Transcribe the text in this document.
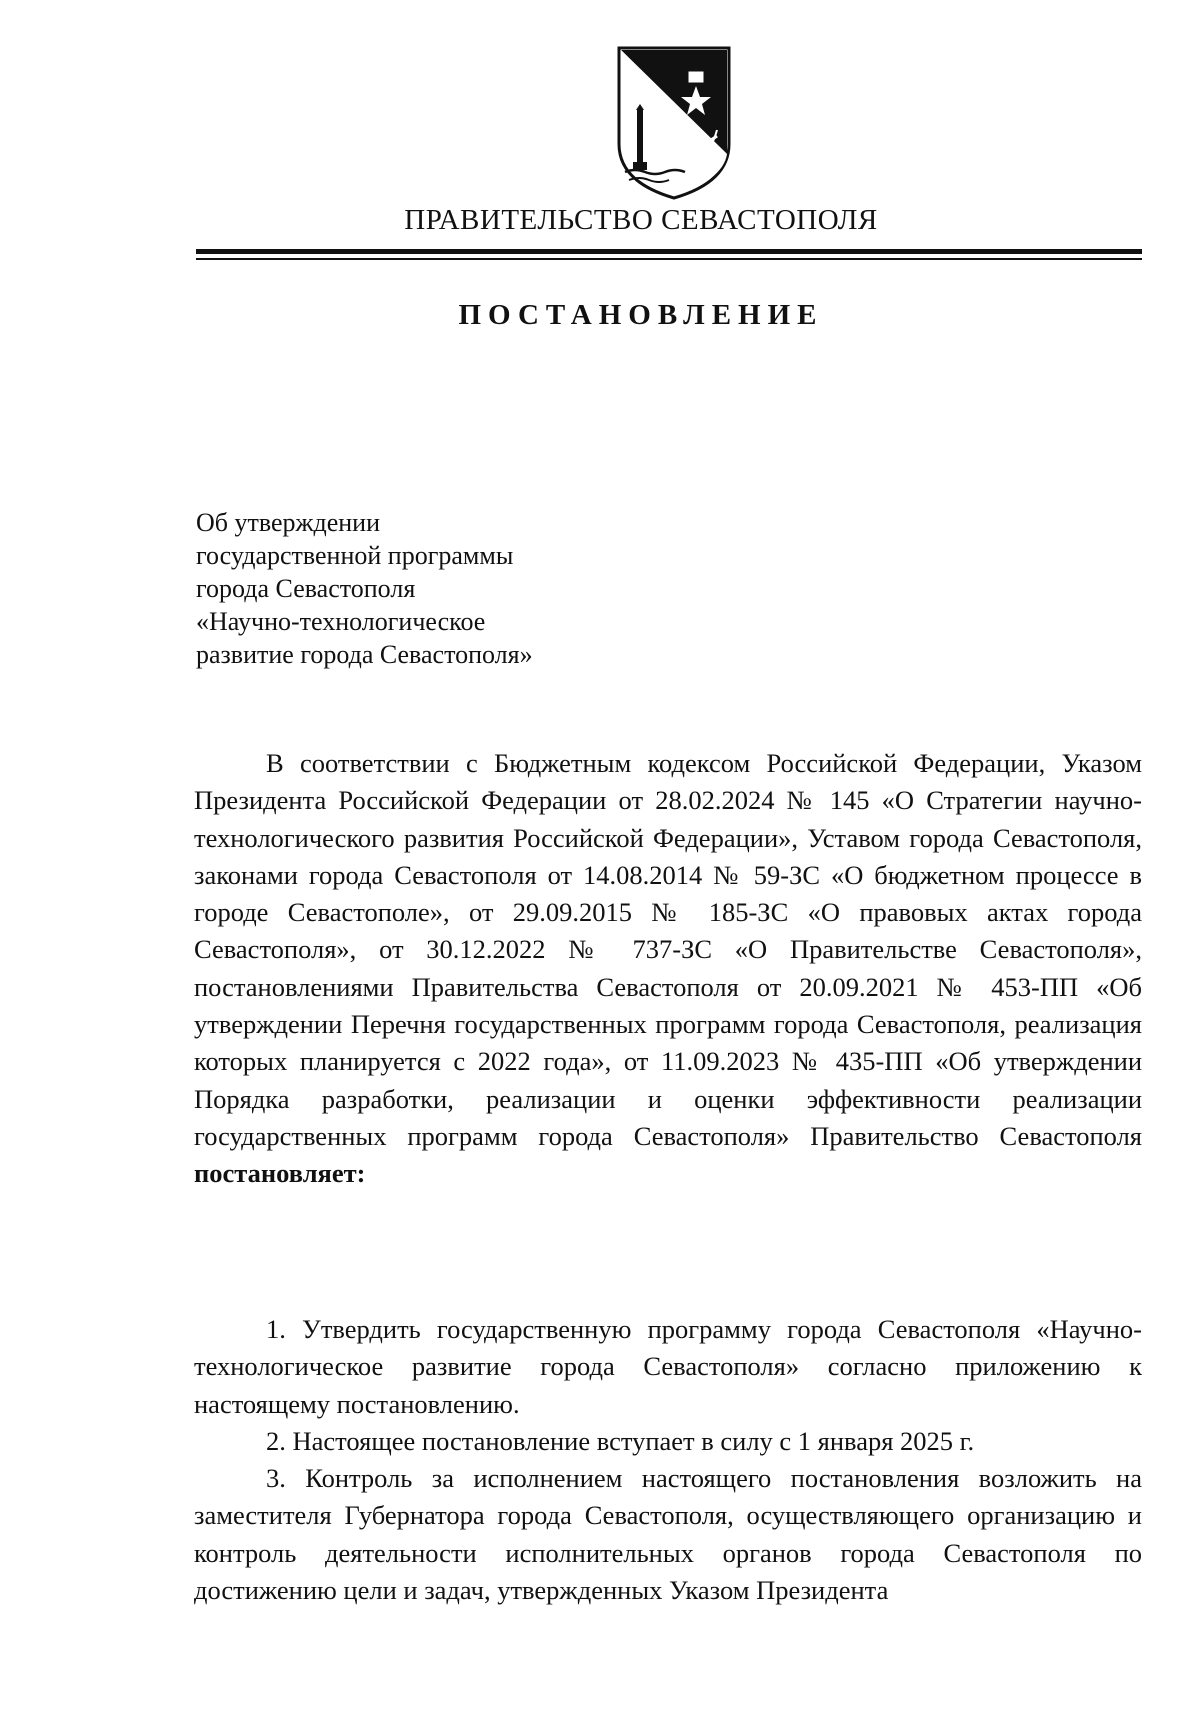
ПРАВИТЕЛЬСТВО СЕВАСТОПОЛЯ
ПОСТАНОВЛЕНИЕ
Об утверждении
государственной программы
города Севастополя
«Научно-технологическое
развитие города Севастополя»

В соответствии с Бюджетным кодексом Российской Федерации, Указом Президента Российской Федерации от 28.02.2024 № 145 «О Стратегии научно-технологического развития Российской Федерации», Уставом города Севастополя, законами города Севастополя от 14.08.2014 № 59-ЗС «О бюджетном процессе в городе Севастополе», от 29.09.2015 № 185-ЗС «О правовых актах города Севастополя», от 30.12.2022 № 737-ЗС «О Правительстве Севастополя», постановлениями Правительства Севастополя от 20.09.2021 № 453-ПП «Об утверждении Перечня государственных программ города Севастополя, реализация которых планируется с 2022 года», от 11.09.2023 № 435-ПП «Об утверждении Порядка разработки, реализации и оценки эффективности реализации государственных программ города Севастополя» Правительство Севастополя постановляет:

1. Утвердить государственную программу города Севастополя «Научно-технологическое развитие города Севастополя» согласно приложению к настоящему постановлению.

2. Настоящее постановление вступает в силу с 1 января 2025 г.

3. Контроль за исполнением настоящего постановления возложить на заместителя Губернатора города Севастополя, осуществляющего организацию и контроль деятельности исполнительных органов города Севастополя по достижению цели и задач, утвержденных Указом Президента
